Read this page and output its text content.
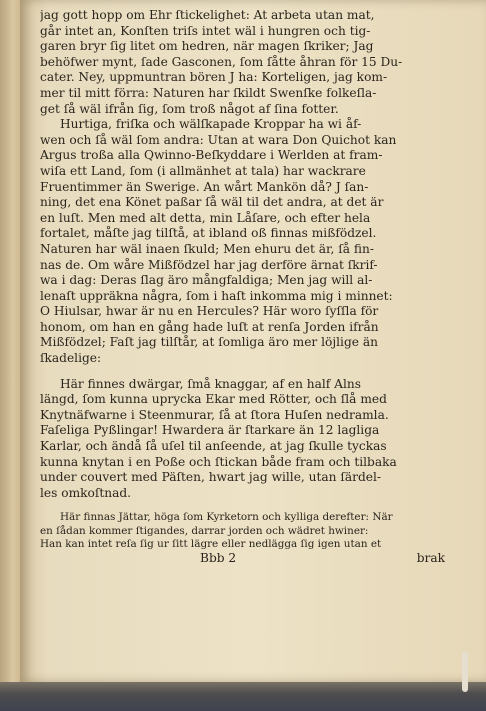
jag gott hopp om Ehr ſtickelighet: At arbeta utan mat,
går intet an, Konſten triſs intet wäl i hungren och tig-
garen bryr ſig litet om hedren, när magen ſkriker; Jag
behöfwer mynt, ſade Gasconen, ſom ſåtte åhran för 15 Du-
cater. Ney, uppmuntran bören J ha: Korteligen, jag kom-
mer til mitt förra: Naturen har ſkildt Swenſke folkeſla-
get ſå wäl ifrån ſig, ſom troß något af ſina fotter.
Hurtiga, friſka och wälſkapade Kroppar ha wi åf-
wen och ſå wäl ſom andra: Utan at wara Don Quichot kan
Argus troßa alla Qwinno-Beſkyddare i Werlden at fram-
wiſa ett Land, ſom (i allmänhet at tala) har wackrare
Fruentimmer än Swerige. An wårt Mankön då? J ſan-
ning, det ena Könet paßar ſå wäl til det andra, at det är
en luſt. Men med alt detta, min Låſare, och efter hela
fortalet, måſte jag tilſtå, at ibland oß finnas mißfödzel.
Naturen har wäl inaen ſkuld; Men ehuru det är, ſå fin-
nas de. Om wåre Mißfödzel har jag derföre ärnat ſkrif-
wa i dag: Deras ſlag äro mångfaldiga; Men jag will al-
lenaſt uppräkna några, ſom i haſt inkomma mig i minnet:
O Hiulsar, hwar är nu en Hercules? Här woro ſyſſla för
honom, om han en gång hade luſt at renſa Jorden ifrån
Mißfödzel; Faſt jag tilſtår, at ſomliga äro mer löjlige än
ſkadelige:
Här finnes dwärgar, ſmå knaggar, af en half Alns
längd, ſom kunna uprycka Ekar med Rötter, och ſlå med
Knytnäfwarne i Steenmurar, ſå at ſtora Huſen nedramla.
Faſeliga Pyßlingar! Hwardera är ſtarkare än 12 lagliga
Karlar, och ändå ſå uſel til anſeende, at jag ſkulle tyckas
kunna knytan i en Poße och ſtickan både fram och tilbaka
under couvert med Päſten, hwart jag wille, utan ſärdel-
les omkoſtnad.
Här finnas Jättar, höga ſom Kyrketorn och kylliga derefter: När
en ſådan kommer ſtigandes, darrar jorden och wädret hwiner:
Han kan intet reſa ſig ur ſitt lägre eller nedlägga ſig igen utan et
Bbb 2	brak
